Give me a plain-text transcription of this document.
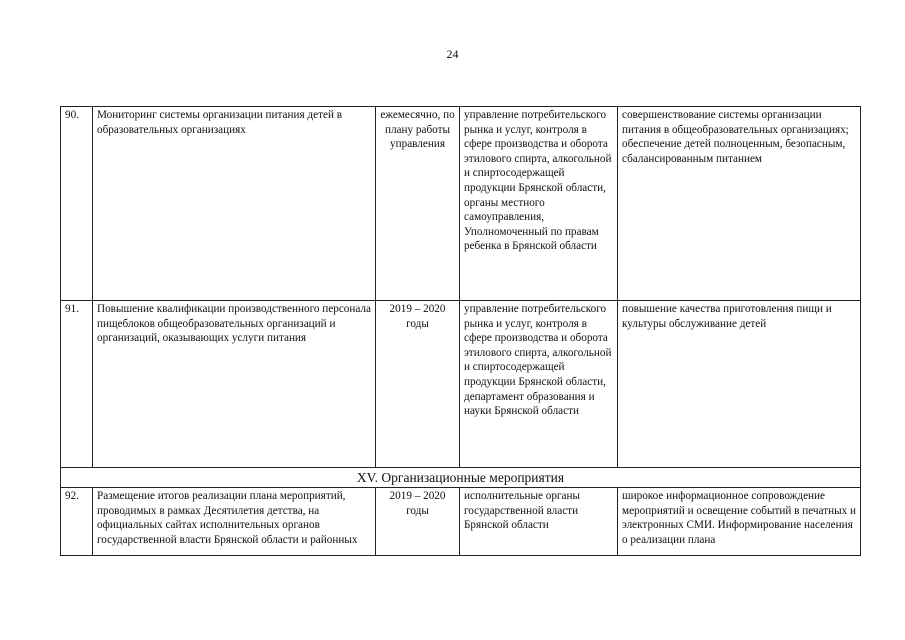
24
90.	Мониторинг системы организации питания детей в образовательных организациях	ежемесячно, по плану работы управления	управление потребительского рынка и услуг, контроля в сфере производства и оборота этилового спирта, алкогольной и спиртосодержащей продукции Брянской области, органы местного самоуправления, Уполномоченный по правам ребенка в Брянской области	совершенствование системы организации питания в общеобразовательных организациях; обеспечение детей полноценным, безопасным, сбалансированным питанием
91.	Повышение квалификации производственного персонала пищеблоков общеобразовательных организаций и организаций, оказывающих услуги питания	2019 – 2020 годы	управление потребительского рынка и услуг, контроля в сфере производства и оборота этилового спирта, алкогольной и спиртосодержащей продукции Брянской области, департамент образования и науки Брянской области	повышение качества приготовления пищи и культуры обслуживание детей
XV. Организационные мероприятия				
92.	Размещение итогов реализации плана мероприятий, проводимых в рамках Десятилетия детства, на официальных сайтах исполнительных органов государственной власти Брянской области и районных	2019 – 2020 годы	исполнительные органы государственной власти Брянской области	широкое информационное сопровождение мероприятий и освещение событий в печатных и электронных СМИ. Информирование населения о реализации плана
